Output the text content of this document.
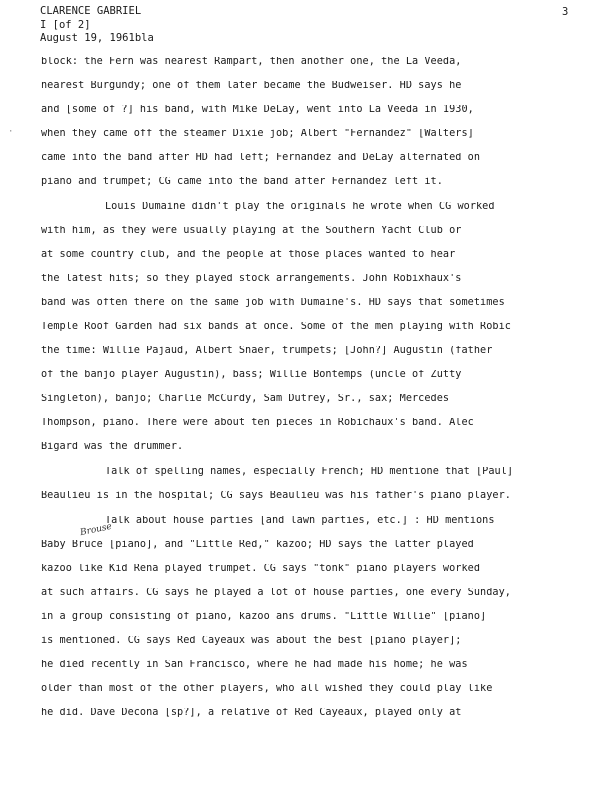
CLARENCE GABRIEL
I [of 2]
August 19, 1961bla
3
·
block: the Fern was nearest Rampart, then another one, the La Veeda,
nearest Burgundy; one of them later became the Budweiser. HD says he
and [some of ?] his band, with Mike DeLay, went into La Veeda in 1930,
when they came off the steamer Dixie job; Albert "Fernandez" [Walters]
came into the band after HD had left; Fernandez and DeLay alternated on
piano and trumpet; CG came into the band after Fernandez left it.
Louis Dumaine didn't play the originals he wrote when CG worked
with him, as they were usually playing at the Southern Yacht Club or
at some country club, and the people at those places wanted to hear
the latest hits; so they played stock arrangements. John Robixhaux's
band was often there on the same job with Dumaine's. HD says that sometimes
Temple Roof Garden had six bands at once. Some of the men playing with Robic
the time: Willie Pajaud, Albert Snaer, trumpets; [John?] Augustin (father
of the banjo player Augustin), bass; Willie Bontemps (uncle of Zutty
Singleton), banjo; Charlie McCurdy, Sam Dutrey, Sr., sax; Mercedes
Thompson, piano. There were about ten pieces in Robichaux's band. Alec
Bigard was the drummer.
Talk of spelling names, especially French; HD mentione that [Paul]
Beaulieu is in the hospital; CG says Beaulieu was his father's piano player.
Talk about house parties [and lawn parties, etc.] : HD mentions
Brouse
Baby Bruce [piano], and "Little Red," kazoo; HD says the latter played
kazoo like Kid Rena played trumpet. CG says "tonk" piano players worked
at such affairs. CG says he played a lot of house parties, one every Sunday,
in a group consisting of piano, kazoo ans drums. "Little Willie" [piano]
is mentioned. CG says Red Cayeaux was about the best [piano player];
he died recently in San Francisco, where he had made his home; he was
older than most of the other players, who all wished they could play like
he did. Dave Decona [sp?], a relative of Red Cayeaux, played only at
